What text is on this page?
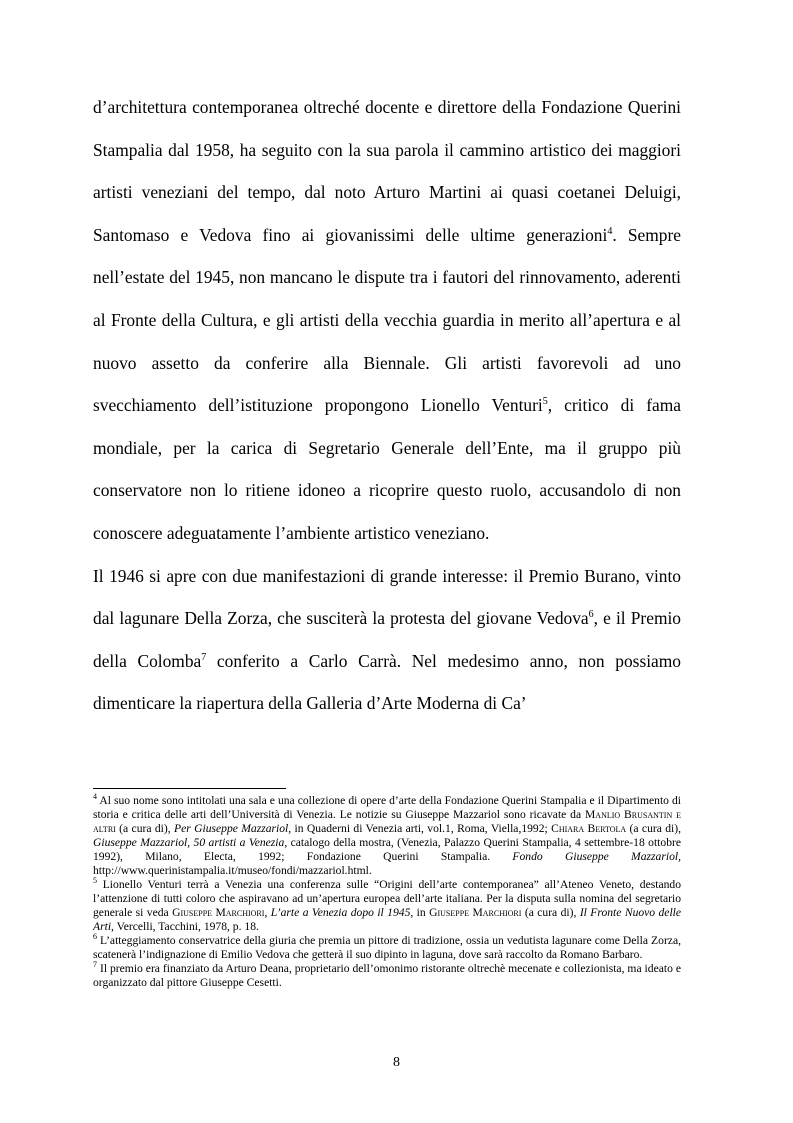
d’architettura contemporanea oltreché docente e direttore della Fondazione Querini Stampalia dal 1958, ha seguito con la sua parola il cammino artistico dei maggiori artisti veneziani del tempo, dal noto Arturo Martini ai quasi coetanei Deluigi, Santomaso e Vedova fino ai giovanissimi delle ultime generazioni$^4$. Sempre nell’estate del 1945, non mancano le dispute tra i fautori del rinnovamento, aderenti al Fronte della Cultura, e gli artisti della vecchia guardia in merito all’apertura e al nuovo assetto da conferire alla Biennale. Gli artisti favorevoli ad uno svecchiamento dell’istituzione propongono Lionello Venturi$^5$, critico di fama mondiale, per la carica di Segretario Generale dell’Ente, ma il gruppo più conservatore non lo ritiene idoneo a ricoprire questo ruolo, accusandolo di non conoscere adeguatamente l’ambiente artistico veneziano.

Il 1946 si apre con due manifestazioni di grande interesse: il Premio Burano, vinto dal lagunare Della Zorza, che susciterà la protesta del giovane Vedova$^6$, e il Premio della Colomba$^7$ conferito a Carlo Carrà. Nel medesimo anno, non possiamo dimenticare la riapertura della Galleria d’Arte Moderna di Ca’

$^4$ Al suo nome sono intitolati una sala e una collezione di opere d’arte della Fondazione Querini Stampalia e il Dipartimento di storia e critica delle arti dell’Università di Venezia. Le notizie su Giuseppe Mazzariol sono ricavate da Manlio Brusantin e altri (a cura di), Per Giuseppe Mazzariol, in Quaderni di Venezia arti, vol.1, Roma, Viella,1992; Chiara Bertola (a cura di), Giuseppe Mazzariol, 50 artisti a Venezia, catalogo della mostra, (Venezia, Palazzo Querini Stampalia, 4 settembre-18 ottobre 1992), Milano, Electa, 1992; Fondazione Querini Stampalia. Fondo Giuseppe Mazzariol, http://www.querinistampalia.it/museo/fondi/mazzariol.html.

$^5$ Lionello Venturi terrà a Venezia una conferenza sulle “Origini dell’arte contemporanea” all’Ateneo Veneto, destando l’attenzione di tutti coloro che aspiravano ad un’apertura europea dell’arte italiana. Per la disputa sulla nomina del segretario generale si veda Giuseppe Marchiori, L’arte a Venezia dopo il 1945, in Giuseppe Marchiori (a cura di), Il Fronte Nuovo delle Arti, Vercelli, Tacchini, 1978, p. 18.

$^6$ L’atteggiamento conservatrice della giuria che premia un pittore di tradizione, ossia un vedutista lagunare come Della Zorza, scatenerà l’indignazione di Emilio Vedova che getterà il suo dipinto in laguna, dove sarà raccolto da Romano Barbaro.

$^7$ Il premio era finanziato da Arturo Deana, proprietario dell’omonimo ristorante oltrechè mecenate e collezionista, ma ideato e organizzato dal pittore Giuseppe Cesetti.

8
